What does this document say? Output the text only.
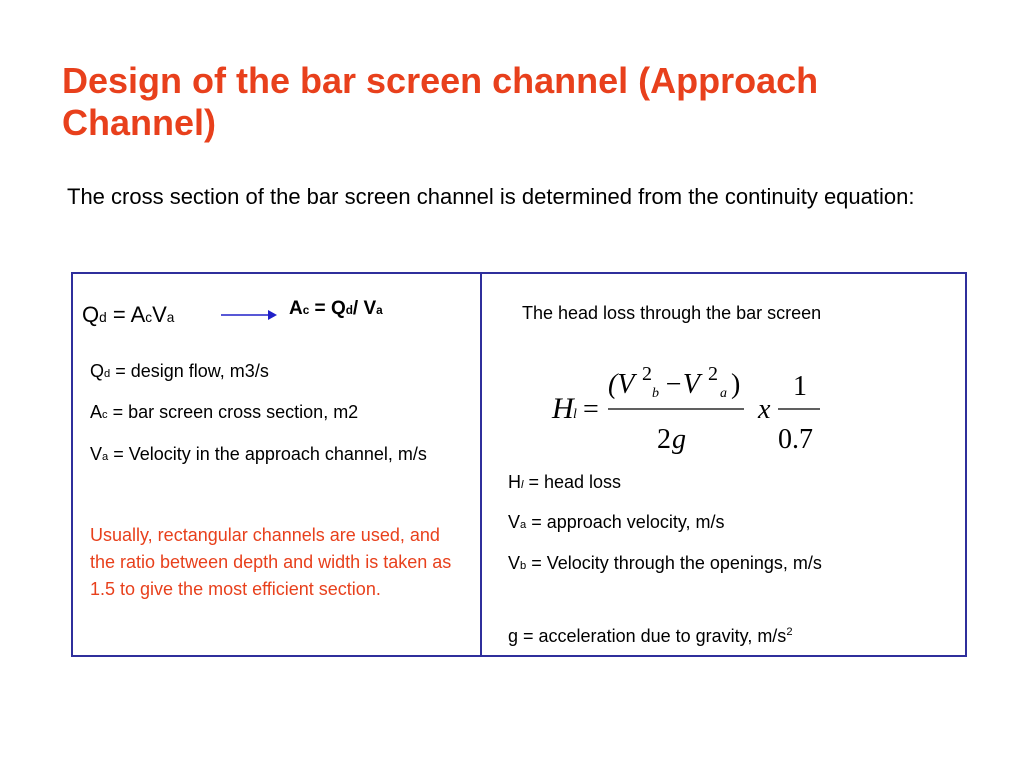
Design of the bar screen channel (Approach Channel)
The cross section of the bar screen channel is determined from the continuity equation:
Qd = AcVa	Ac = Qd/ Va
Qd = design flow, m3/s
Ac = bar screen cross section, m2
Va = Velocity in the approach channel, m/s
Usually, rectangular channels are used, and the ratio between depth and width is taken as 1.5 to give the most efficient section.
The head loss through the bar screen
H l =
(V 2
b −V 2
a )
2 g
x
1
0.7
Hl = head loss
Va = approach velocity, m/s
Vb = Velocity through the openings, m/s
g = acceleration due to gravity, $m/s^2$
